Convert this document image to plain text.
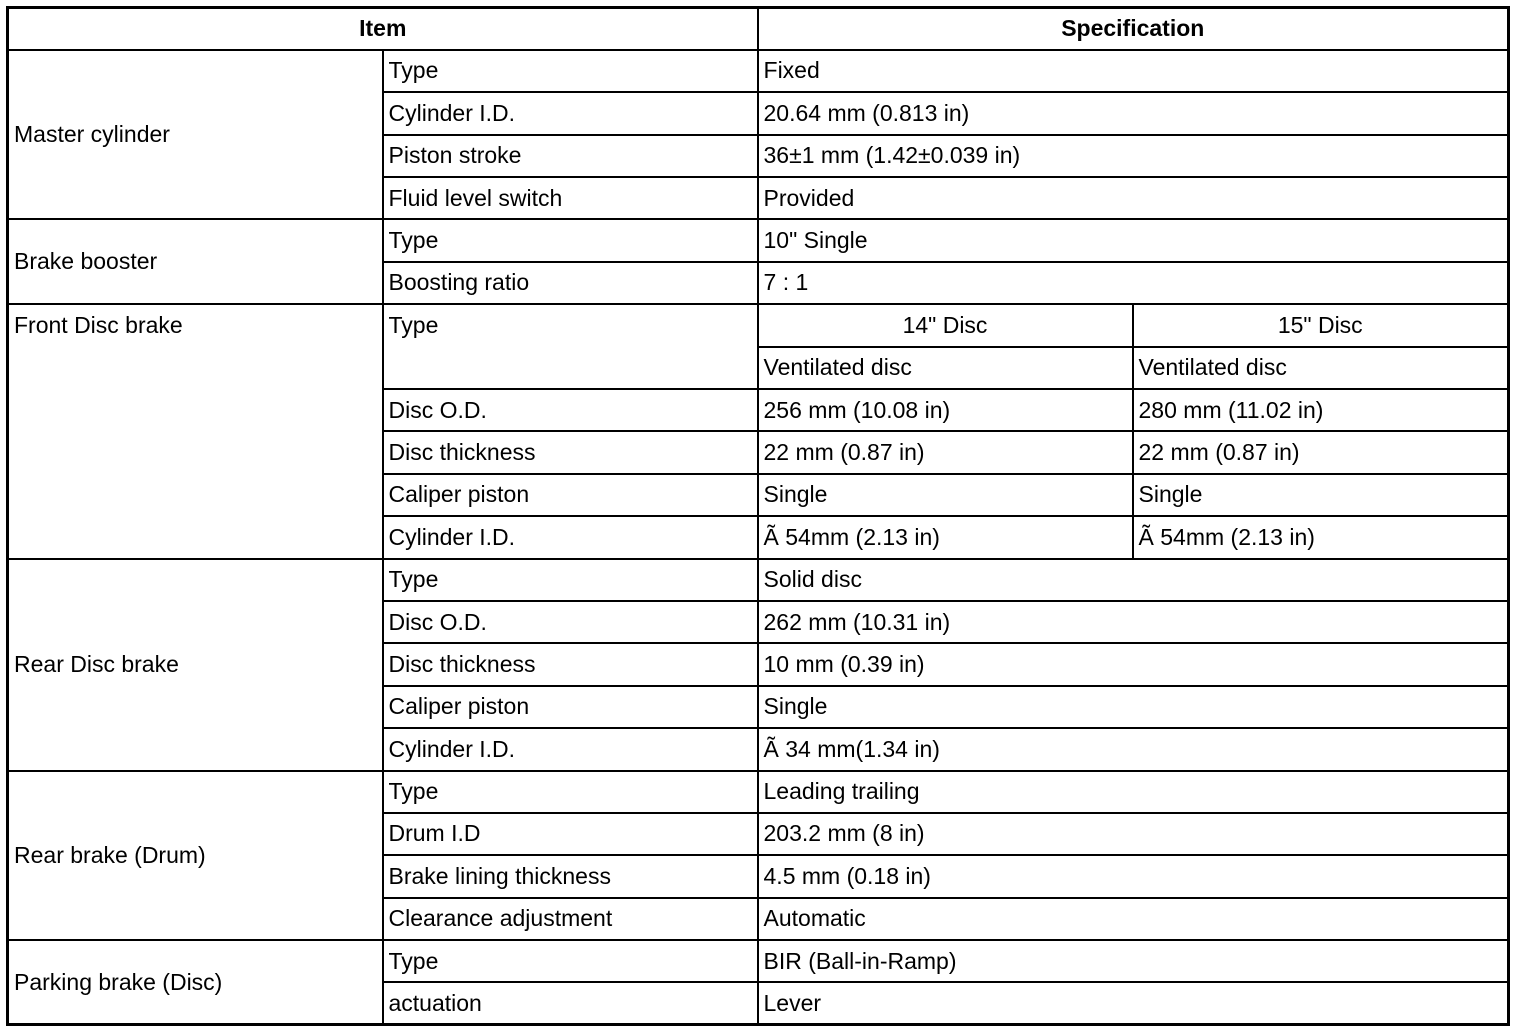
Item		Specification	
Master cylinder	Type	Fixed	
	Cylinder I.D.	20.64 mm (0.813 in)	
	Piston stroke	36±1 mm (1.42±0.039 in)	
	Fluid level switch	Provided	
Brake booster	Type	10" Single	
	Boosting ratio	7 : 1	
Front Disc brake	Type	14" Disc	15" Disc
		Ventilated disc	Ventilated disc
	Disc O.D.	256 mm (10.08 in)	280 mm (11.02 in)
	Disc thickness	22 mm (0.87 in)	22 mm (0.87 in)
	Caliper piston	Single	Single
	Cylinder I.D.	Ã 54mm (2.13 in)	Ã 54mm (2.13 in)
Rear Disc brake	Type	Solid disc	
	Disc O.D.	262 mm (10.31 in)	
	Disc thickness	10 mm (0.39 in)	
	Caliper piston	Single	
	Cylinder I.D.	Ã 34 mm(1.34 in)	
Rear brake (Drum)	Type	Leading trailing	
	Drum I.D	203.2 mm (8 in)	
	Brake lining thickness	4.5 mm (0.18 in)	
	Clearance adjustment	Automatic	
Parking brake (Disc)	Type	BIR (Ball-in-Ramp)	
	actuation	Lever	
